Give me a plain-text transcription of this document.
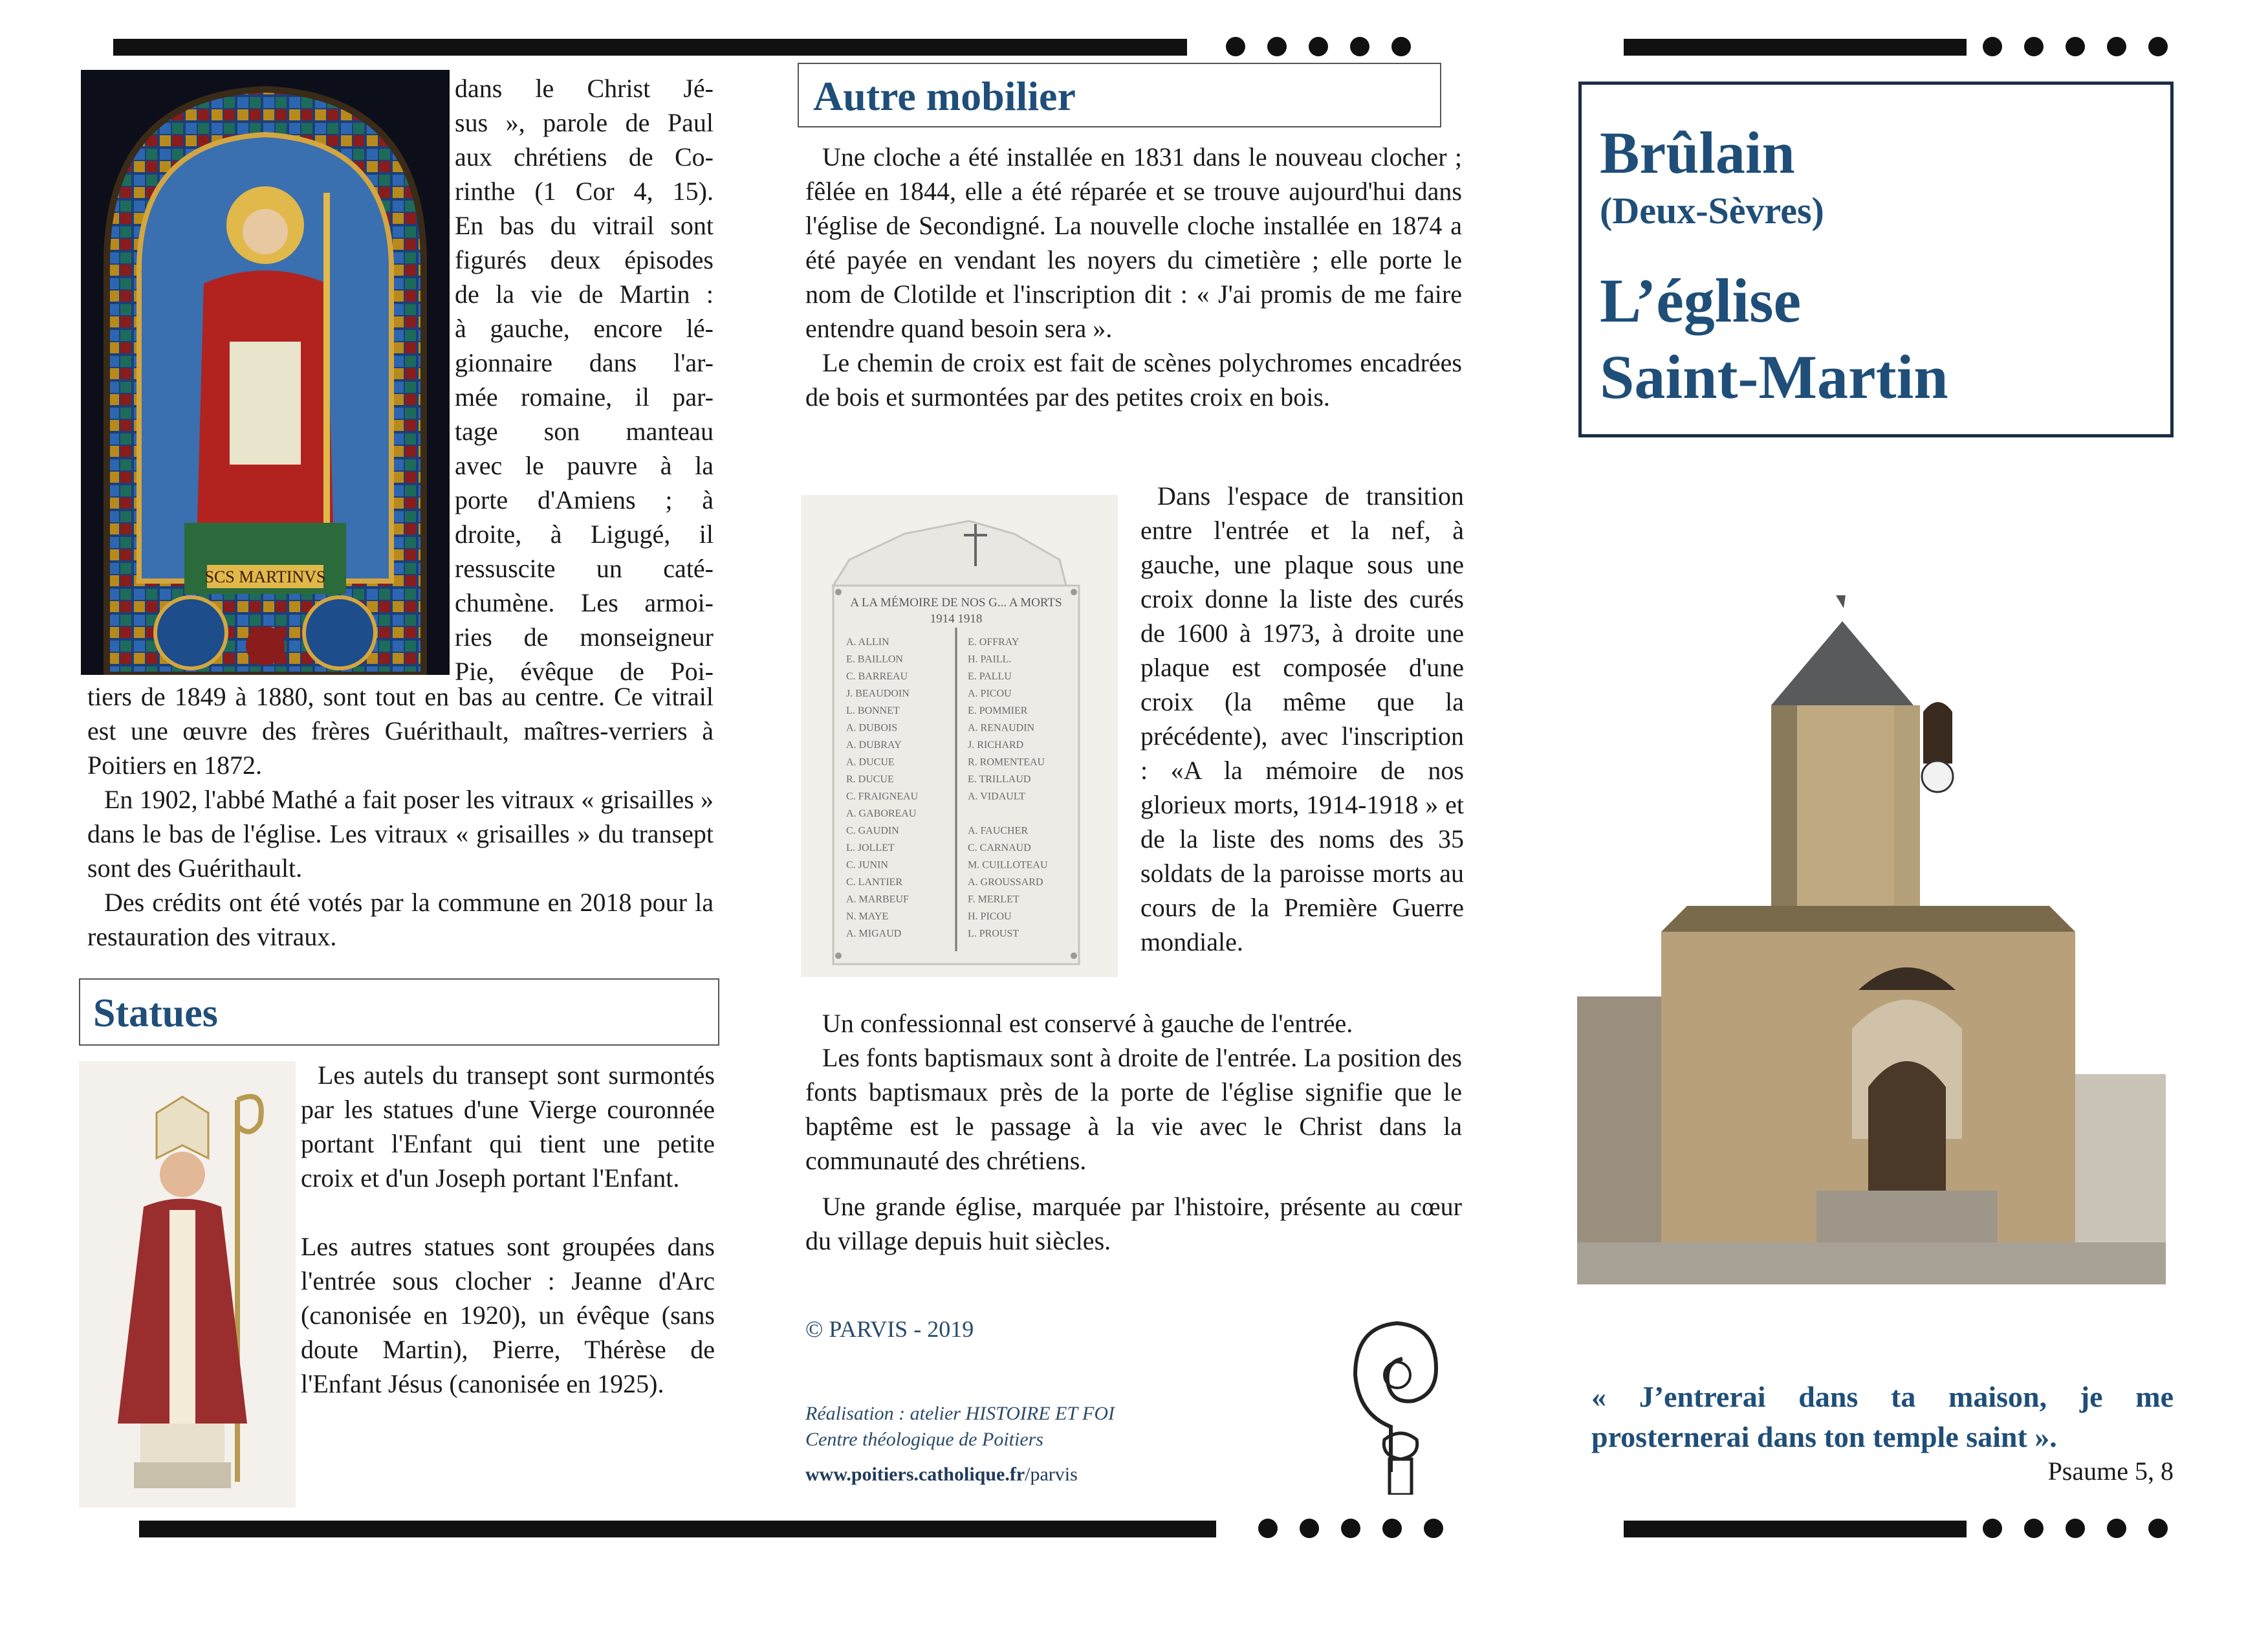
SCS MARTINVS
dans le Christ Jé-
sus », parole de Paul
aux chrétiens de Co-
rinthe (1 Cor 4, 15).
En bas du vitrail sont
figurés deux épisodes
de la vie de Martin :
à gauche, encore lé-
gionnaire dans l'ar-
mée romaine, il par-
tage son manteau
avec le pauvre à la
porte d'Amiens ; à
droite, à Ligugé, il
ressuscite un caté-
chumène. Les armoi-
ries de monseigneur
Pie, évêque de Poi-

tiers de 1849 à 1880, sont tout en bas au centre. Ce vitrail est une œuvre des frères Guérithault, maîtres-verriers à Poitiers en 1872.

En 1902, l'abbé Mathé a fait poser les vitraux « grisailles » dans le bas de l'église. Les vitraux « grisailles » du transept sont des Guérithault.

Des crédits ont été votés par la commune en 2018 pour la restauration des vitraux.

Statues

Les autels du transept sont surmontés par les statues d'une Vierge couronnée portant l'Enfant qui tient une petite croix et d'un Joseph portant l'Enfant.

Les autres statues sont groupées dans l'entrée sous clocher : Jeanne d'Arc (canonisée en 1920), un évêque (sans doute Martin), Pierre, Thérèse de l'Enfant Jésus (canonisée en 1925).

Autre mobilier

Une cloche a été installée en 1831 dans le nouveau clocher ; fêlée en 1844, elle a été réparée et se trouve aujourd'hui dans l'église de Secondigné. La nouvelle cloche installée en 1874 a été payée en vendant les noyers du cimetière ; elle porte le nom de Clotilde et l'inscription dit : « J'ai promis de me faire entendre quand besoin sera ».

Le chemin de croix est fait de scènes polychromes encadrées de bois et surmontées par des petites croix en bois.

A LA MÉMOIRE DE NOS G... A MORTS
1914 1918
A. ALLIN
E. BAILLON
C. BARREAU
J. BEAUDOIN
L. BONNET
A. DUBOIS
A. DUBRAY
A. DUCUE
R. DUCUE
C. FRAIGNEAU
A. GABOREAU
C. GAUDIN
L. JOLLET
C. JUNIN
C. LANTIER
A. MARBEUF
N. MAYE
A. MIGAUD
E. OFFRAY
H. PAILL.
E. PALLU
A. PICOU
E. POMMIER
A. RENAUDIN
J. RICHARD
R. ROMENTEAU
E. TRILLAUD
A. VIDAULT
A. FAUCHER
C. CARNAUD
M. CUILLOTEAU
A. GROUSSARD
F. MERLET
H. PICOU
L. PROUST

Dans l'espace de transition entre l'entrée et la nef, à gauche, une plaque sous une croix donne la liste des curés de 1600 à 1973, à droite une plaque est composée d'une croix (la même que la précédente), avec l'inscription : «A la mémoire de nos glorieux morts, 1914-1918 » et de la liste des noms des 35 soldats de la paroisse morts au cours de la Première Guerre mondiale.

Un confessionnal est conservé à gauche de l'entrée.

Les fonts baptismaux sont à droite de l'entrée. La position des fonts baptismaux près de la porte de l'église signifie que le baptême est le passage à la vie avec le Christ dans la communauté des chrétiens.

Une grande église, marquée par l'histoire, présente au cœur du village depuis huit siècles.

© PARVIS - 2019
Réalisation : atelier HISTOIRE ET FOI
Centre théologique de Poitiers
www.poitiers.catholique.fr/parvis
Brûlain
(Deux-Sèvres)
L’église
Saint-Martin
« J’entrerai dans ta maison, je me prosternerai dans ton temple saint ».
Psaume 5, 8
